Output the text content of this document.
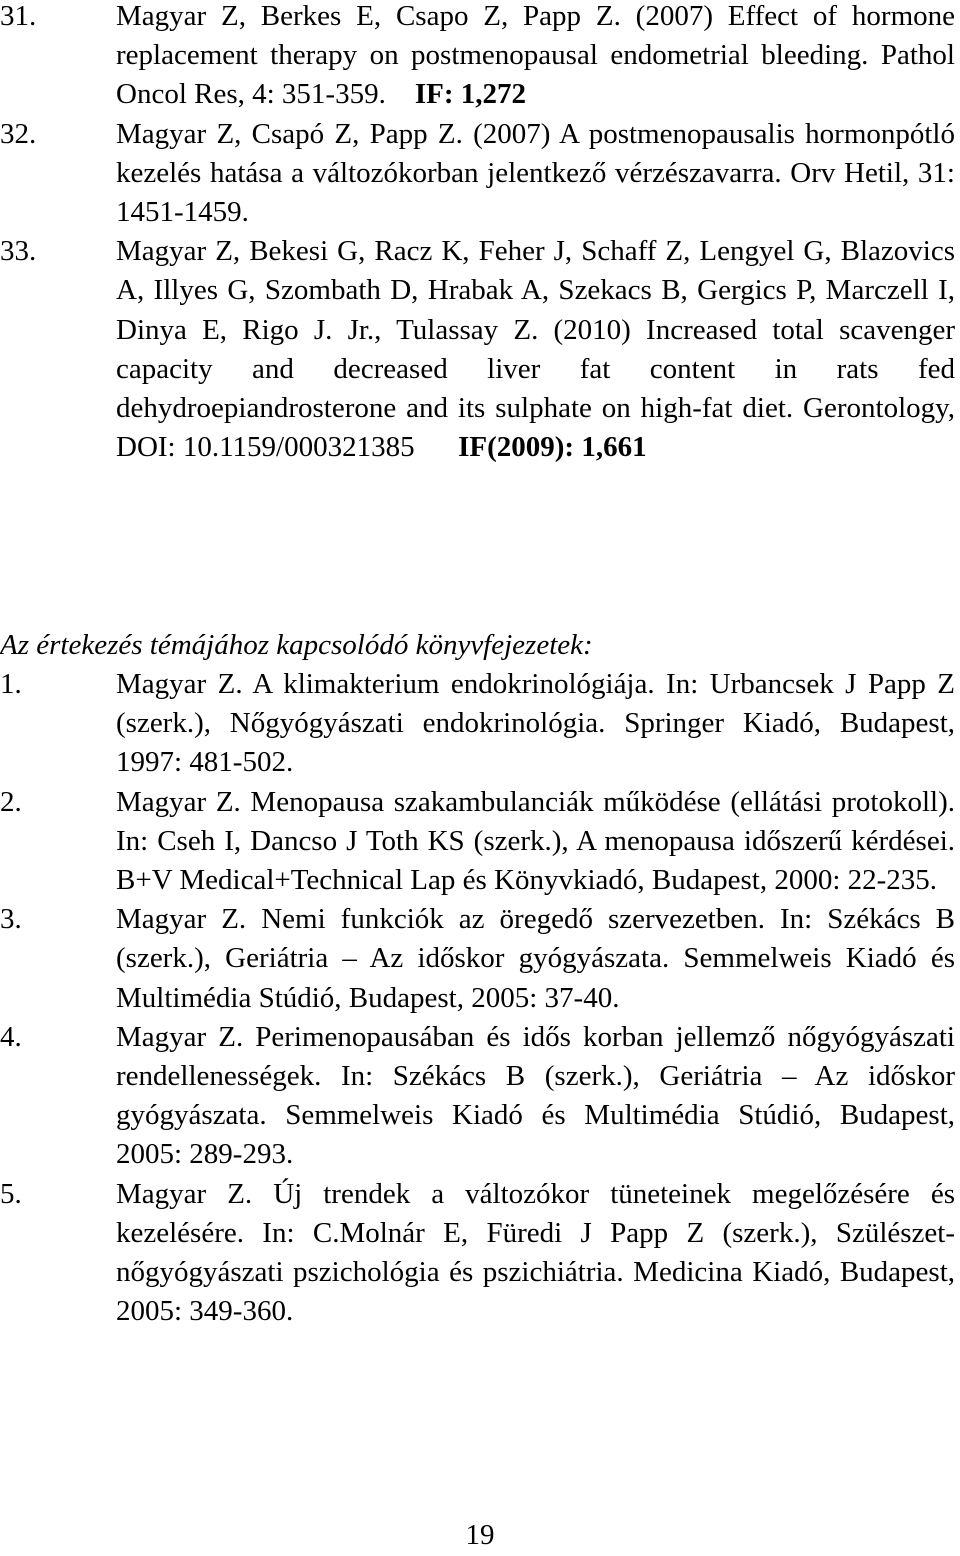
31.	Magyar Z, Berkes E, Csapo Z, Papp Z. (2007) Effect of hormone replacement therapy on postmenopausal endometrial bleeding. Pathol Oncol Res, 4: 351-359. IF: 1,272
32.	Magyar Z, Csapó Z, Papp Z. (2007) A postmenopausalis hormonpótló kezelés hatása a változókorban jelentkező vérzészavarra. Orv Hetil, 31: 1451-1459.
33.	Magyar Z, Bekesi G, Racz K, Feher J, Schaff Z, Lengyel G, Blazovics A, Illyes G, Szombath D, Hrabak A, Szekacs B, Gergics P, Marczell I, Dinya E, Rigo J. Jr., Tulassay Z. (2010) Increased total scavenger capacity and decreased liver fat content in rats fed dehydroepiandrosterone and its sulphate on high-fat diet. Gerontology, DOI: 10.1159/000321385 IF(2009): 1,661
Az értekezés témájához kapcsolódó könyvfejezetek:
1.	Magyar Z. A klimakterium endokrinológiája. In: Urbancsek J Papp Z (szerk.), Nőgyógyászati endokrinológia. Springer Kiadó, Budapest, 1997: 481-502.
2.	Magyar Z. Menopausa szakambulanciák működése (ellátási protokoll). In: Cseh I, Dancso J Toth KS (szerk.), A menopausa időszerű kérdései. B+V Medical+Technical Lap és Könyvkiadó, Budapest, 2000: 22-235.
3.	Magyar Z. Nemi funkciók az öregedő szervezetben. In: Székács B (szerk.), Geriátria – Az időskor gyógyászata. Semmelweis Kiadó és Multimédia Stúdió, Budapest, 2005: 37-40.
4.	Magyar Z. Perimenopausában és idős korban jellemző nőgyógyászati rendellenességek. In: Székács B (szerk.), Geriátria – Az időskor gyógyászata. Semmelweis Kiadó és Multimédia Stúdió, Budapest, 2005: 289-293.
5.	Magyar Z. Új trendek a változókor tüneteinek megelőzésére és kezelésére. In: C.Molnár E, Füredi J Papp Z (szerk.), Szülészet-nőgyógyászati pszichológia és pszichiátria. Medicina Kiadó, Budapest, 2005: 349-360.
19
